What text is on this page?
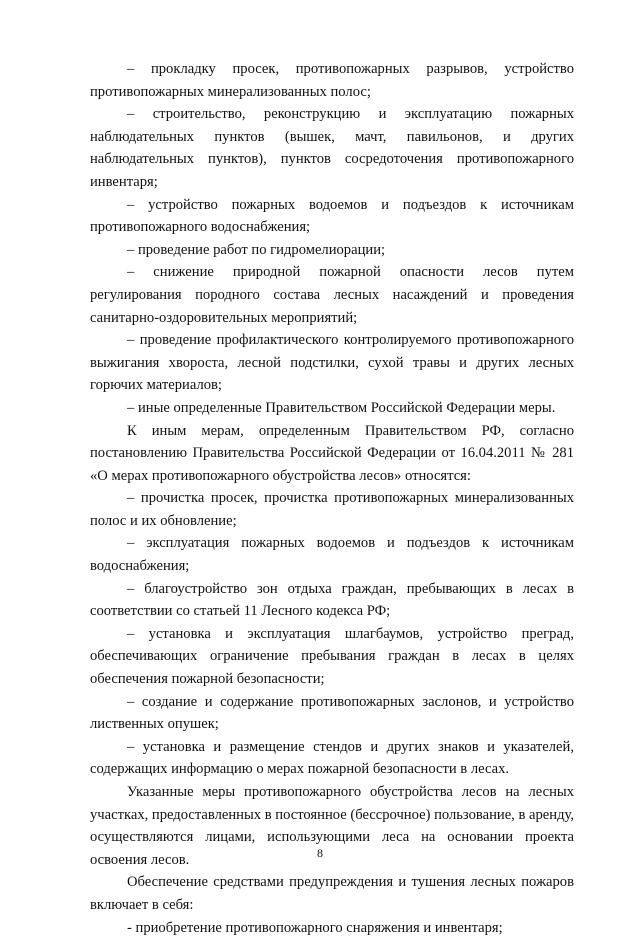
– прокладку просек, противопожарных разрывов, устройство противопожарных минерализованных полос;

– строительство, реконструкцию и эксплуатацию пожарных наблюдательных пунктов (вышек, мачт, павильонов, и других наблюдательных пунктов), пунктов сосредоточения противопожарного инвентаря;

– устройство пожарных водоемов и подъездов к источникам противопожарного водоснабжения;

– проведение работ по гидромелиорации;

– снижение природной пожарной опасности лесов путем регулирования породного состава лесных насаждений и проведения санитарно-оздоровительных мероприятий;

– проведение профилактического контролируемого противопожарного выжигания хвороста, лесной подстилки, сухой травы и других лесных горючих материалов;

– иные определенные Правительством Российской Федерации меры.

К иным мерам, определенным Правительством РФ, согласно постановлению Правительства Российской Федерации от 16.04.2011 № 281 «О мерах противопожарного обустройства лесов» относятся:

– прочистка просек, прочистка противопожарных минерализованных полос и их обновление;

– эксплуатация пожарных водоемов и подъездов к источникам водоснабжения;

– благоустройство зон отдыха граждан, пребывающих в лесах в соответствии со статьей 11 Лесного кодекса РФ;

– установка и эксплуатация шлагбаумов, устройство преград, обеспечивающих ограничение пребывания граждан в лесах в целях обеспечения пожарной безопасности;

– создание и содержание противопожарных заслонов, и устройство лиственных опушек;

– установка и размещение стендов и других знаков и указателей, содержащих информацию о мерах пожарной безопасности в лесах.

Указанные меры противопожарного обустройства лесов на лесных участках, предоставленных в постоянное (бессрочное) пользование, в аренду, осуществляются лицами, использующими леса на основании проекта освоения лесов.

Обеспечение средствами предупреждения и тушения лесных пожаров включает в себя:

- приобретение противопожарного снаряжения и инвентаря;

8
